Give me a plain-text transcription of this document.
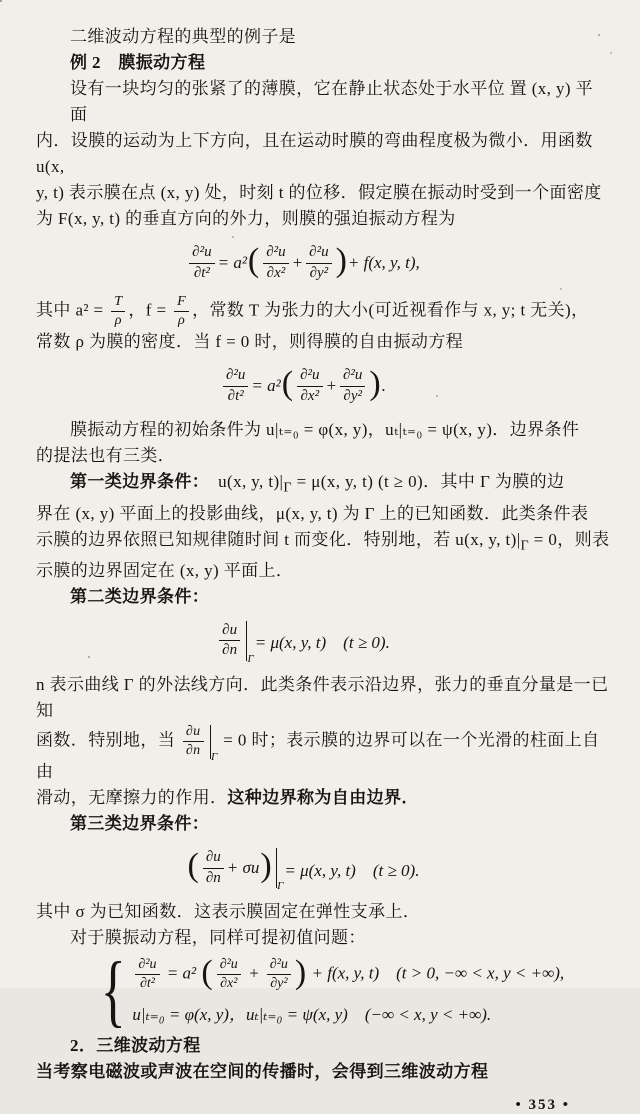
二维波动方程的典型的例子是
例 2　膜振动方程
设有一块均匀的张紧了的薄膜，它在静止状态处于水平位 置 (x, y) 平面
内．设膜的运动为上下方向，且在运动时膜的弯曲程度极为微小．用函数 u(x,
y, t) 表示膜在点 (x, y) 处，时刻 t 的位移．假定膜在振动时受到一个面密度
为 F(x, y, t) 的垂直方向的外力，则膜的强迫振动方程为
$\frac{\text{∂²u}}{\text{∂t²}} = a^2$ ( $\frac{\text{∂²u}}{\text{∂x²}} + \frac{\text{∂²u}}{\text{∂y²}}$ ) + f(x, y, t),
其中 $a^2 = \frac{T}{\rho}$ ，$f = \frac{F}{\rho}$ ，常数 T 为张力的大小(可近视看作与 x, y; t 无关)，
常数 ρ 为膜的密度．当 f = 0 时，则得膜的自由振动方程
$\frac{\text{∂²u}}{\text{∂t²}} = a^2$ ( $\frac{\text{∂²u}}{\text{∂x²}} + \frac{\text{∂²u}}{\text{∂y²}}$ ) .
膜振动方程的初始条件为 u|ₜ₌₀ = φ(x, y)，uₜ|ₜ₌₀ = ψ(x, y)．边界条件
的提法也有三类．
第一类边界条件：　u(x, y, $t)|_\Gamma = \mu(x$, y, t) (t ≥ 0)．其中 Γ 为膜的边
界在 (x, y) 平面上的投影曲线，μ(x, y, t) 为 Γ 上的已知函数．此类条件表
示膜的边界依照已知规律随时间 t 而变化．特别地，若 u(x, y, $t)|_\Gamma = 0$，则表
示膜的边界固定在 (x, y) 平面上．
第二类边界条件：
$\frac{\partial u}{\partial n} _\Gamma$
= μ(x, y, t)　(t ≥ 0).
n 表示曲线 Γ 的外法线方向．此类条件表示沿边界，张力的垂直分量是一已知
函数．特别地，当 $\frac{\partial u}{\partial n} _\Gamma$
= 0 时；表示膜的边界可以在一个光滑的柱面上自由
滑动，无摩擦力的作用．这种边界称为自由边界．
第三类边界条件：
( $\frac{\partial u}{\partial n} + \sigma u$ )
$_\Gamma$
= μ(x, y, t)　(t ≥ 0).
其中 σ 为已知函数．这表示膜固定在弹性支承上．
对于膜振动方程，同样可提初值问题：
{ $\frac{\text{∂²u}}{\text{∂t²}} = a^2$ ( $\frac{\text{∂²u}}{\text{∂x²}} + \frac{\text{∂²u}}{\text{∂y²}}$ ) + f(x, y, t)　(t > 0, −∞ < x, y < +∞),
u|ₜ₌₀ = φ(x, y)，uₜ|ₜ₌₀ = ψ(x, y)　(−∞ < x, y < +∞).
2．三维波动方程
当考察电磁波或声波在空间的传播时，会得到三维波动方程
• 353 •
